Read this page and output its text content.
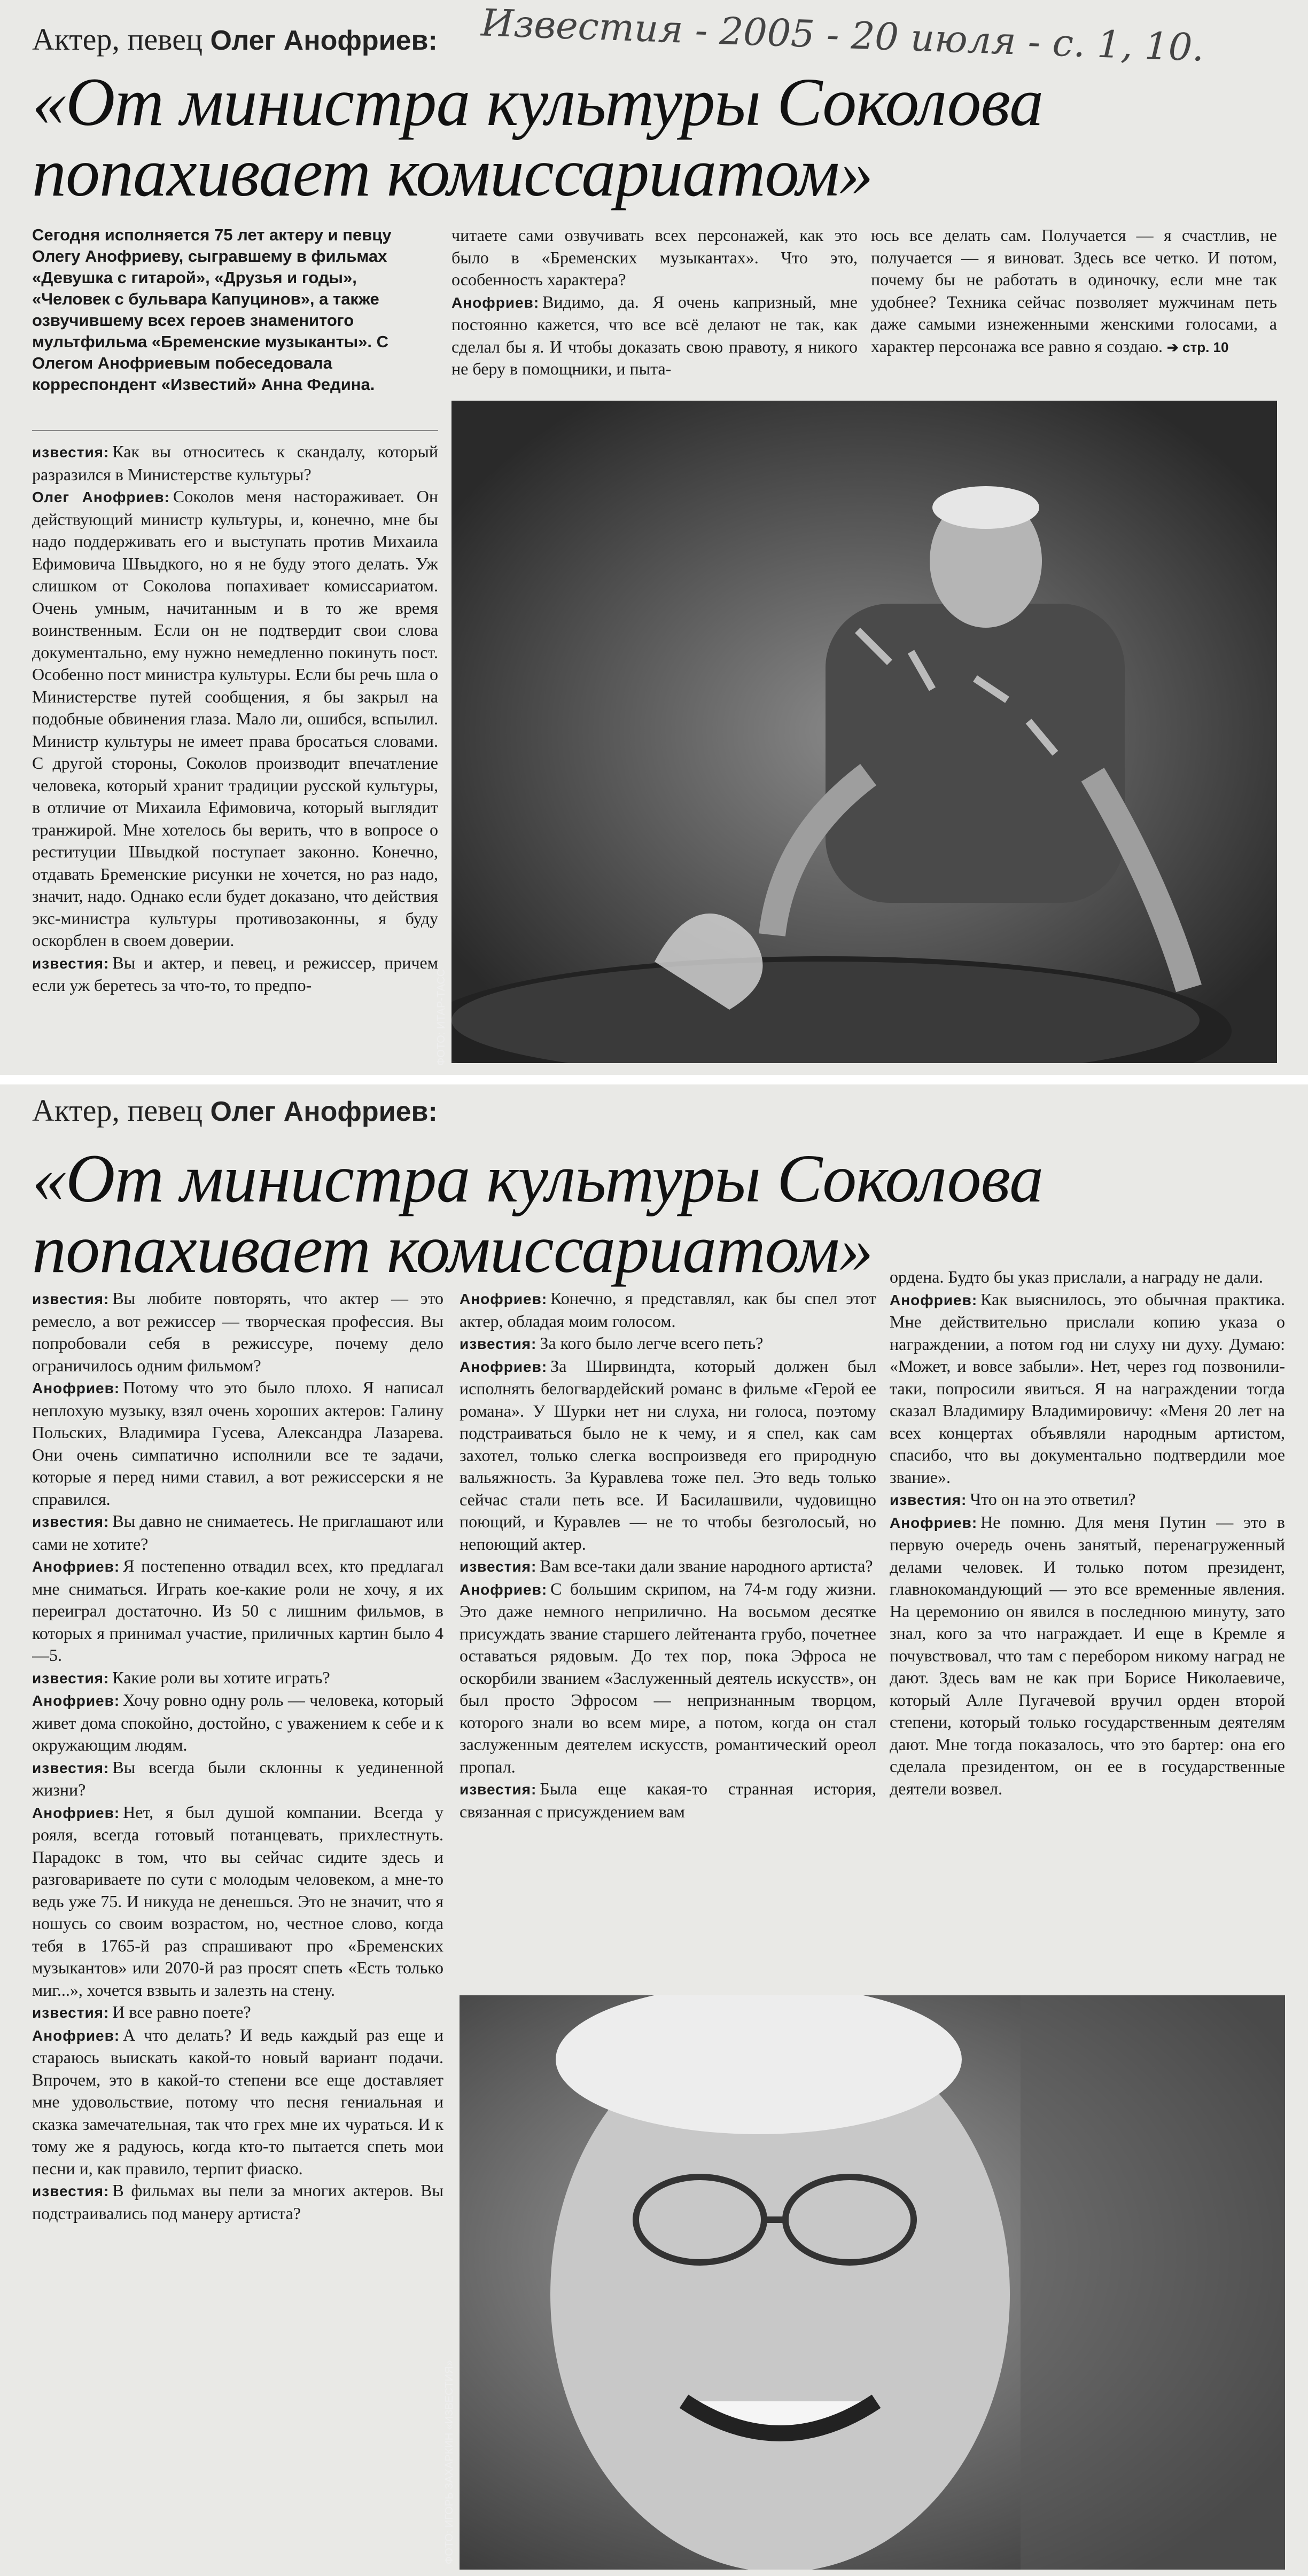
Актер, певец Олег Анофриев: Известия - 2005 - 20 июля - с. 1, 10.
«От министра культуры Соколова
попахивает комиссариатом»
Сегодня исполняется 75 лет актеру и певцу Олегу Анофриеву, сыгравшему в фильмах «Девушка с гитарой», «Друзья и годы», «Человек с бульвара Капуцинов», а также озвучившему всех героев знаменитого мультфильма «Бременские музыканты». С Олегом Анофриевым побеседовала корреспондент «Известий» Анна Федина.

известия: Как вы относитесь к скандалу, который разразился в Министерстве культуры?

Олег Анофриев: Соколов меня настораживает. Он действующий министр культуры, и, конечно, мне бы надо поддерживать его и выступать против Михаила Ефимовича Швыдкого, но я не буду этого делать. Уж слишком от Соколова попахивает комиссариатом. Очень умным, начитанным и в то же время воинственным. Если он не подтвердит свои слова документально, ему нужно немедленно покинуть пост. Особенно пост министра культуры. Если бы речь шла о Министерстве путей сообщения, я бы закрыл на подобные обвинения глаза. Мало ли, ошибся, вспылил. Министр культуры не имеет права бросаться словами. С другой стороны, Соколов производит впечатление человека, который хранит традиции русской культуры, в отличие от Михаила Ефимовича, который выглядит транжирой. Мне хотелось бы верить, что в вопросе о реституции Швыдкой поступает законно. Конечно, отдавать Бременские рисунки не хочется, но раз надо, значит, надо. Однако если будет доказано, что действия экс-министра культуры противозаконны, я буду оскорблен в своем доверии.

известия: Вы и актер, и певец, и режиссер, причем если уж беретесь за что-то, то предпо-

читаете сами озвучивать всех персонажей, как это было в «Бременских музыкантах». Что это, особенность характера?

Анофриев: Видимо, да. Я очень капризный, мне постоянно кажется, что все всё делают не так, как сделал бы я. И чтобы доказать свою правоту, я никого не беру в помощники, и пыта-

юсь все делать сам. Получается — я счастлив, не получается — я виноват. Здесь все четко. И потом, почему бы не работать в одиночку, если мне так удобнее? Техника сейчас позволяет мужчинам петь даже самыми изнеженными женскими голосами, а характер персонажа все равно я создаю. ➔ стр. 10

ФОТО: ИТАР-ТАСС
Актер, певец Олег Анофриев:
«От министра культуры Соколова
попахивает комиссариатом»

известия: Вы любите повторять, что актер — это ремесло, а вот режиссер — творческая профессия. Вы попробовали себя в режиссуре, почему дело ограничилось одним фильмом?

Анофриев: Потому что это было плохо. Я написал неплохую музыку, взял очень хороших актеров: Галину Польских, Владимира Гусева, Александра Лазарева. Они очень симпатично исполнили все те задачи, которые я перед ними ставил, а вот режиссерски я не справился.

известия: Вы давно не снимаетесь. Не приглашают или сами не хотите?

Анофриев: Я постепенно отвадил всех, кто предлагал мне сниматься. Играть кое-какие роли не хочу, я их переиграл достаточно. Из 50 с лишним фильмов, в которых я принимал участие, приличных картин было 4—5.

известия: Какие роли вы хотите играть?

Анофриев: Хочу ровно одну роль — человека, который живет дома спокойно, достойно, с уважением к себе и к окружающим людям.

известия: Вы всегда были склонны к уединенной жизни?

Анофриев: Нет, я был душой компании. Всегда у рояля, всегда готовый потанцевать, прихлестнуть. Парадокс в том, что вы сейчас сидите здесь и разговариваете по сути с молодым человеком, а мне-то ведь уже 75. И никуда не денешься. Это не значит, что я ношусь со своим возрастом, но, честное слово, когда тебя в 1765-й раз спрашивают про «Бременских музыкантов» или 2070-й раз просят спеть «Есть только миг...», хочется взвыть и залезть на стену.

известия: И все равно поете?

Анофриев: А что делать? И ведь каждый раз еще и стараюсь выискать какой-то новый вариант подачи. Впрочем, это в какой-то степени все еще доставляет мне удовольствие, потому что песня гениальная и сказка замечательная, так что грех мне их чураться. И к тому же я радуюсь, когда кто-то пытается спеть мои песни и, как правило, терпит фиаско.

известия: В фильмах вы пели за многих актеров. Вы подстраивались под манеру артиста?

Анофриев: Конечно, я представлял, как бы спел этот актер, обладая моим голосом.

известия: За кого было легче всего петь?

Анофриев: За Ширвиндта, который должен был исполнять белогвардейский романс в фильме «Герой ее романа». У Шурки нет ни слуха, ни голоса, поэтому подстраиваться было не к чему, и я спел, как сам захотел, только слегка воспроизведя его природную вальяжность. За Куравлева тоже пел. Это ведь только сейчас стали петь все. И Басилашвили, чудовищно поющий, и Куравлев — не то чтобы безголосый, но непоющий актер.

известия: Вам все-таки дали звание народного артиста?

Анофриев: С большим скрипом, на 74-м году жизни. Это даже немного неприлично. На восьмом десятке присуждать звание старшего лейтенанта грубо, почетнее оставаться рядовым. До тех пор, пока Эфроса не оскорбили званием «Заслуженный деятель искусств», он был просто Эфросом — непризнанным творцом, которого знали во всем мире, а потом, когда он стал заслуженным деятелем искусств, романтический ореол пропал.

известия: Была еще какая-то странная история, связанная с присуждением вам

ордена. Будто бы указ прислали, а награду не дали.

Анофриев: Как выяснилось, это обычная практика. Мне действительно прислали копию указа о награждении, а потом год ни слуху ни духу. Думаю: «Может, и вовсе забыли». Нет, через год позвонили-таки, попросили явиться. Я на награждении тогда сказал Владимиру Владимировичу: «Меня 20 лет на всех концертах объявляли народным артистом, спасибо, что вы документально подтвердили мое звание».

известия: Что он на это ответил?

Анофриев: Не помню. Для меня Путин — это в первую очередь очень занятый, перенагруженный делами человек. И только потом президент, главнокомандующий — это все временные явления. На церемонию он явился в последнюю минуту, зато знал, кого за что награждает. И еще в Кремле я почувствовал, что там с перебором никому наград не дают. Здесь вам не как при Борисе Николаевиче, который Алле Пугачевой вручил орден второй степени, который только государственным деятелям дают. Мне тогда показалось, что это бартер: она его сделала президентом, он ее в государственные деятели возвел.

ФОТО: ИГОРЬ ЗАХАРКИН «ИЗВЕСТИЯ»
